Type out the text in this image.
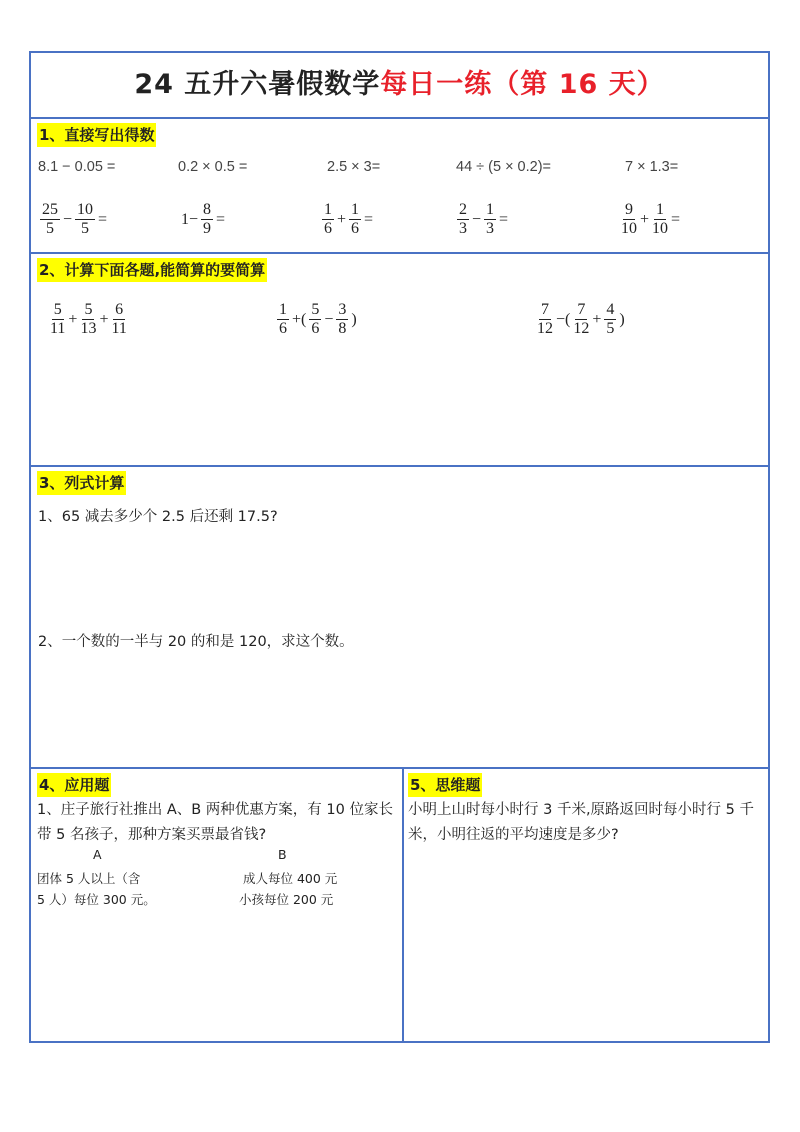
24 五升六暑假数学每日一练（第 16 天）
1、直接写出得数
8.1 − 0.05 =	0.2 × 0.5 =	2.5 × 3=	44 ÷ (5 × 0.2)=	7 × 1.3=
$\frac{25}{5} - \frac{10}{5}$ =	$1- \frac{8}{9}$ =	$\frac{1}{6} + \frac{1}{6}$ =	$\frac{2}{3} - \frac{1}{3}$ =	$\frac{9}{10} + \frac{1}{10}$ =
2、计算下面各题,能简算的要简算
$\frac{5}{11} + \frac{5}{13} + \frac{6}{11}$	$\frac{1}{6}$ +( $\frac{5}{6} - \frac{3}{8}$ )	$\frac{7}{12}$ −( $\frac{7}{12} + \frac{4}{5}$ )
3、列式计算
1、65 减去多少个 2.5 后还剩 17.5?
2、一个数的一半与 20 的和是 120，求这个数。
4、应用题
1、庄子旅行社推出 A、B 两种优惠方案，有 10 位家长带 5 名孩子，那种方案买票最省钱?
A	B
团体 5 人以上（含
5 人）每位 300 元。
成人每位 400 元
小孩每位 200 元
5、思维题
小明上山时每小时行 3 千米,原路返回时每小时行 5 千米，小明往返的平均速度是多少?
